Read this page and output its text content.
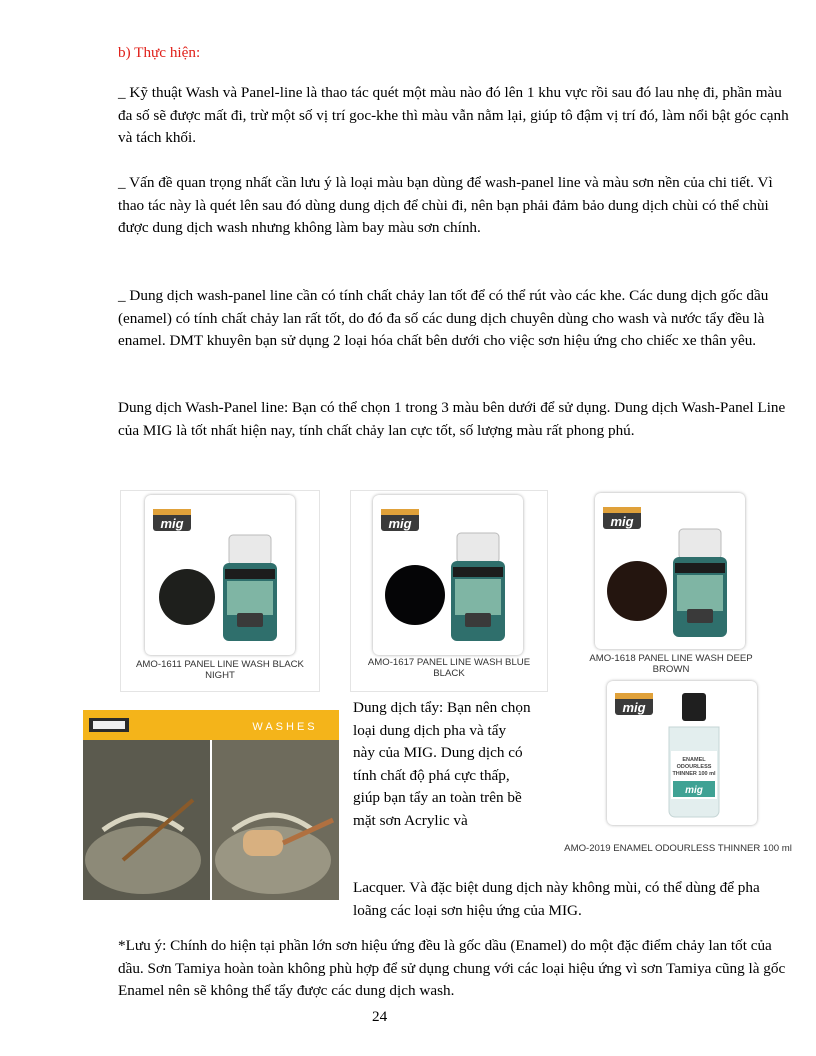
b) Thực hiện:

_ Kỹ thuật Wash và Panel-line là thao tác quét một màu nào đó lên 1 khu vực rồi sau đó lau nhẹ đi, phần màu đa số sẽ được mất đi, trừ một số vị trí goc-khe thì màu vẫn nằm lại, giúp tô đậm vị trí đó, làm nổi bật góc cạnh và tách khối.

_ Vấn đề quan trọng nhất cần lưu ý là loại màu bạn dùng để wash-panel line và màu sơn nền của chi tiết. Vì thao tác này là quét lên sau đó dùng dung dịch để chùi đi, nên bạn phải đảm bảo dung dịch chùi có thể chùi được dung dịch wash nhưng không làm bay màu sơn chính.

_ Dung dịch wash-panel line cần có tính chất chảy lan tốt để có thể rút vào các khe. Các dung dịch gốc dầu (enamel) có tính chất chảy lan rất tốt, do đó đa số các dung dịch chuyên dùng cho wash và nước tẩy đều là enamel. DMT khuyên bạn sử dụng 2 loại hóa chất bên dưới cho việc sơn hiệu ứng cho chiếc xe thân yêu.

Dung dịch Wash-Panel line: Bạn có thể chọn 1 trong 3 màu bên dưới để sử dụng. Dung dịch Wash-Panel Line của MIG là tốt nhất hiện nay, tính chất chảy lan cực tốt, số lượng màu rất phong phú.

mig
AMO-1611 PANEL LINE WASH BLACK NIGHT
mig
AMO-1617 PANEL LINE WASH BLUE BLACK
mig
AMO-1618 PANEL LINE WASH DEEP BROWN
WASHES

Dung dịch tẩy: Bạn nên chọn loại dung dịch pha và tẩy này của MIG. Dung dịch có tính chất độ phá cực thấp, giúp bạn tẩy an toàn trên bề mặt sơn Acrylic và

Lacquer. Và đặc biệt dung dịch này không mùi, có thể dùng để pha loãng các loại sơn hiệu ứng của MIG.

mig
ENAMEL
ODOURLESS
THINNER 100 ml
mig
AMO-2019 ENAMEL ODOURLESS THINNER 100 ml

*Lưu ý: Chính do hiện tại phần lớn sơn hiệu ứng đều là gốc dầu (Enamel) do một đặc điểm chảy lan tốt của dầu. Sơn Tamiya hoàn toàn không phù hợp để sử dụng chung với các loại hiệu ứng vì sơn Tamiya cũng là gốc Enamel nên sẽ không thể tẩy được các dung dịch wash.

24
